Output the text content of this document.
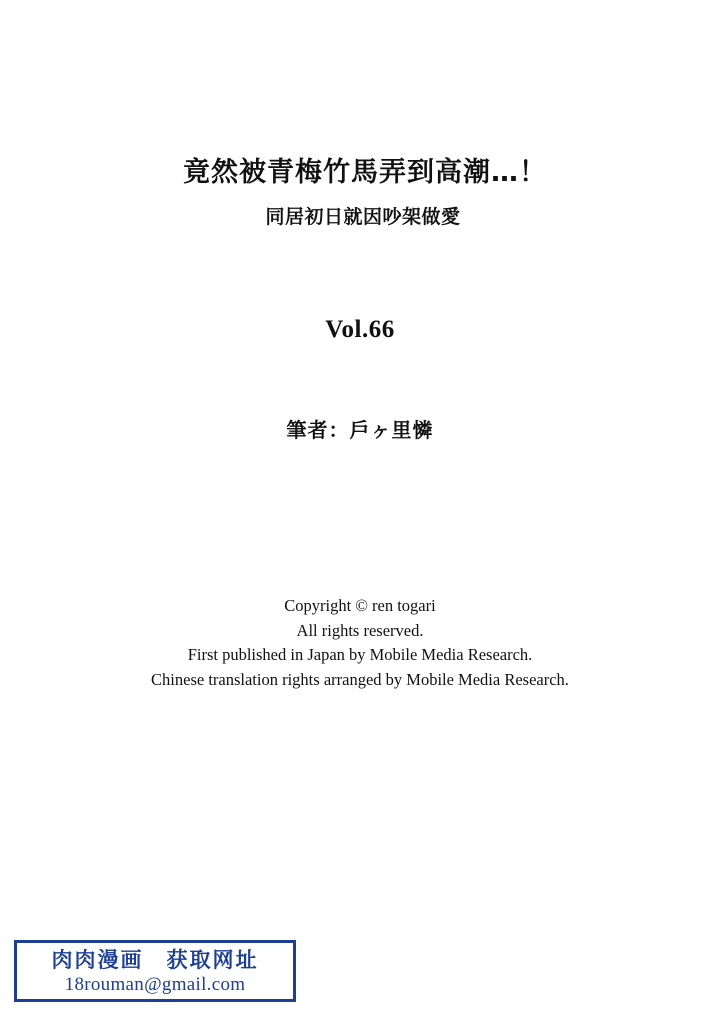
竟然被青梅竹馬弄到高潮…！
同居初日就因吵架做愛
Vol.66
筆者：戶ヶ里憐
Copyright © ren togari
All rights reserved.
First published in Japan by Mobile Media Research.
Chinese translation rights arranged by Mobile Media Research.
肉肉漫画　获取网址
18rouman@gmail.com
